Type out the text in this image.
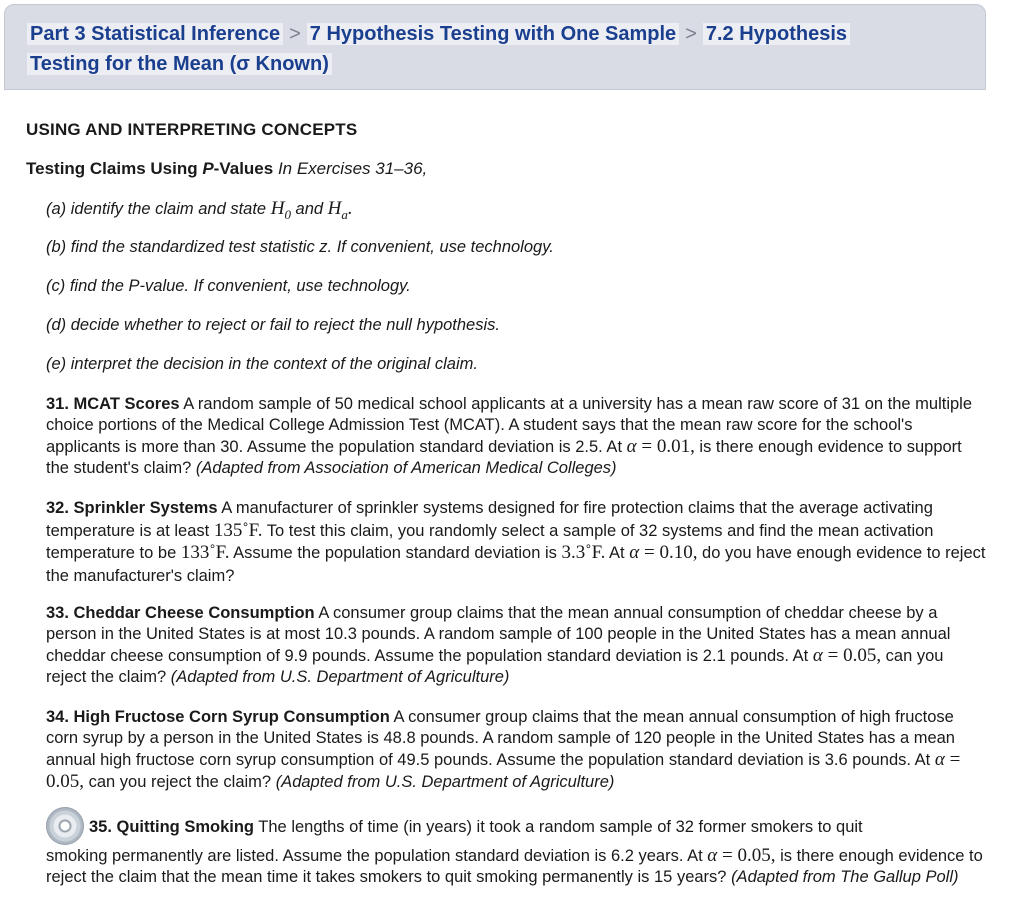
Part 3 Statistical Inference > 7 Hypothesis Testing with One Sample > 7.2 Hypothesis
Testing for the Mean (σ Known)
USING AND INTERPRETING CONCEPTS
Testing Claims Using P-Values In Exercises 31–36,
(a) identify the claim and state $H_0$ and $H_a$.
(b) find the standardized test statistic z. If convenient, use technology.
(c) find the P-value. If convenient, use technology.
(d) decide whether to reject or fail to reject the null hypothesis.
(e) interpret the decision in the context of the original claim.
31. MCAT Scores A random sample of 50 medical school applicants at a university has a mean raw score of 31 on the multiple choice portions of the Medical College Admission Test (MCAT). A student says that the mean raw score for the school's applicants is more than 30. Assume the population standard deviation is 2.5. At α = 0.01, is there enough evidence to support the student's claim? (Adapted from Association of American Medical Colleges)
32. Sprinkler Systems A manufacturer of sprinkler systems designed for fire protection claims that the average activating temperature is at least 135˚F. To test this claim, you randomly select a sample of 32 systems and find the mean activation temperature to be 133˚F. Assume the population standard deviation is 3.3˚F. At α = 0.10, do you have enough evidence to reject the manufacturer's claim?
33. Cheddar Cheese Consumption A consumer group claims that the mean annual consumption of cheddar cheese by a person in the United States is at most 10.3 pounds. A random sample of 100 people in the United States has a mean annual cheddar cheese consumption of 9.9 pounds. Assume the population standard deviation is 2.1 pounds. At α = 0.05, can you reject the claim? (Adapted from U.S. Department of Agriculture)
34. High Fructose Corn Syrup Consumption A consumer group claims that the mean annual consumption of high fructose corn syrup by a person in the United States is 48.8 pounds. A random sample of 120 people in the United States has a mean annual high fructose corn syrup consumption of 49.5 pounds. Assume the population standard deviation is 3.6 pounds. At α = 0.05, can you reject the claim? (Adapted from U.S. Department of Agriculture)
35. Quitting Smoking The lengths of time (in years) it took a random sample of 32 former smokers to quit
smoking permanently are listed. Assume the population standard deviation is 6.2 years. At α = 0.05, is there enough evidence to reject the claim that the mean time it takes smokers to quit smoking permanently is 15 years? (Adapted from The Gallup Poll)
